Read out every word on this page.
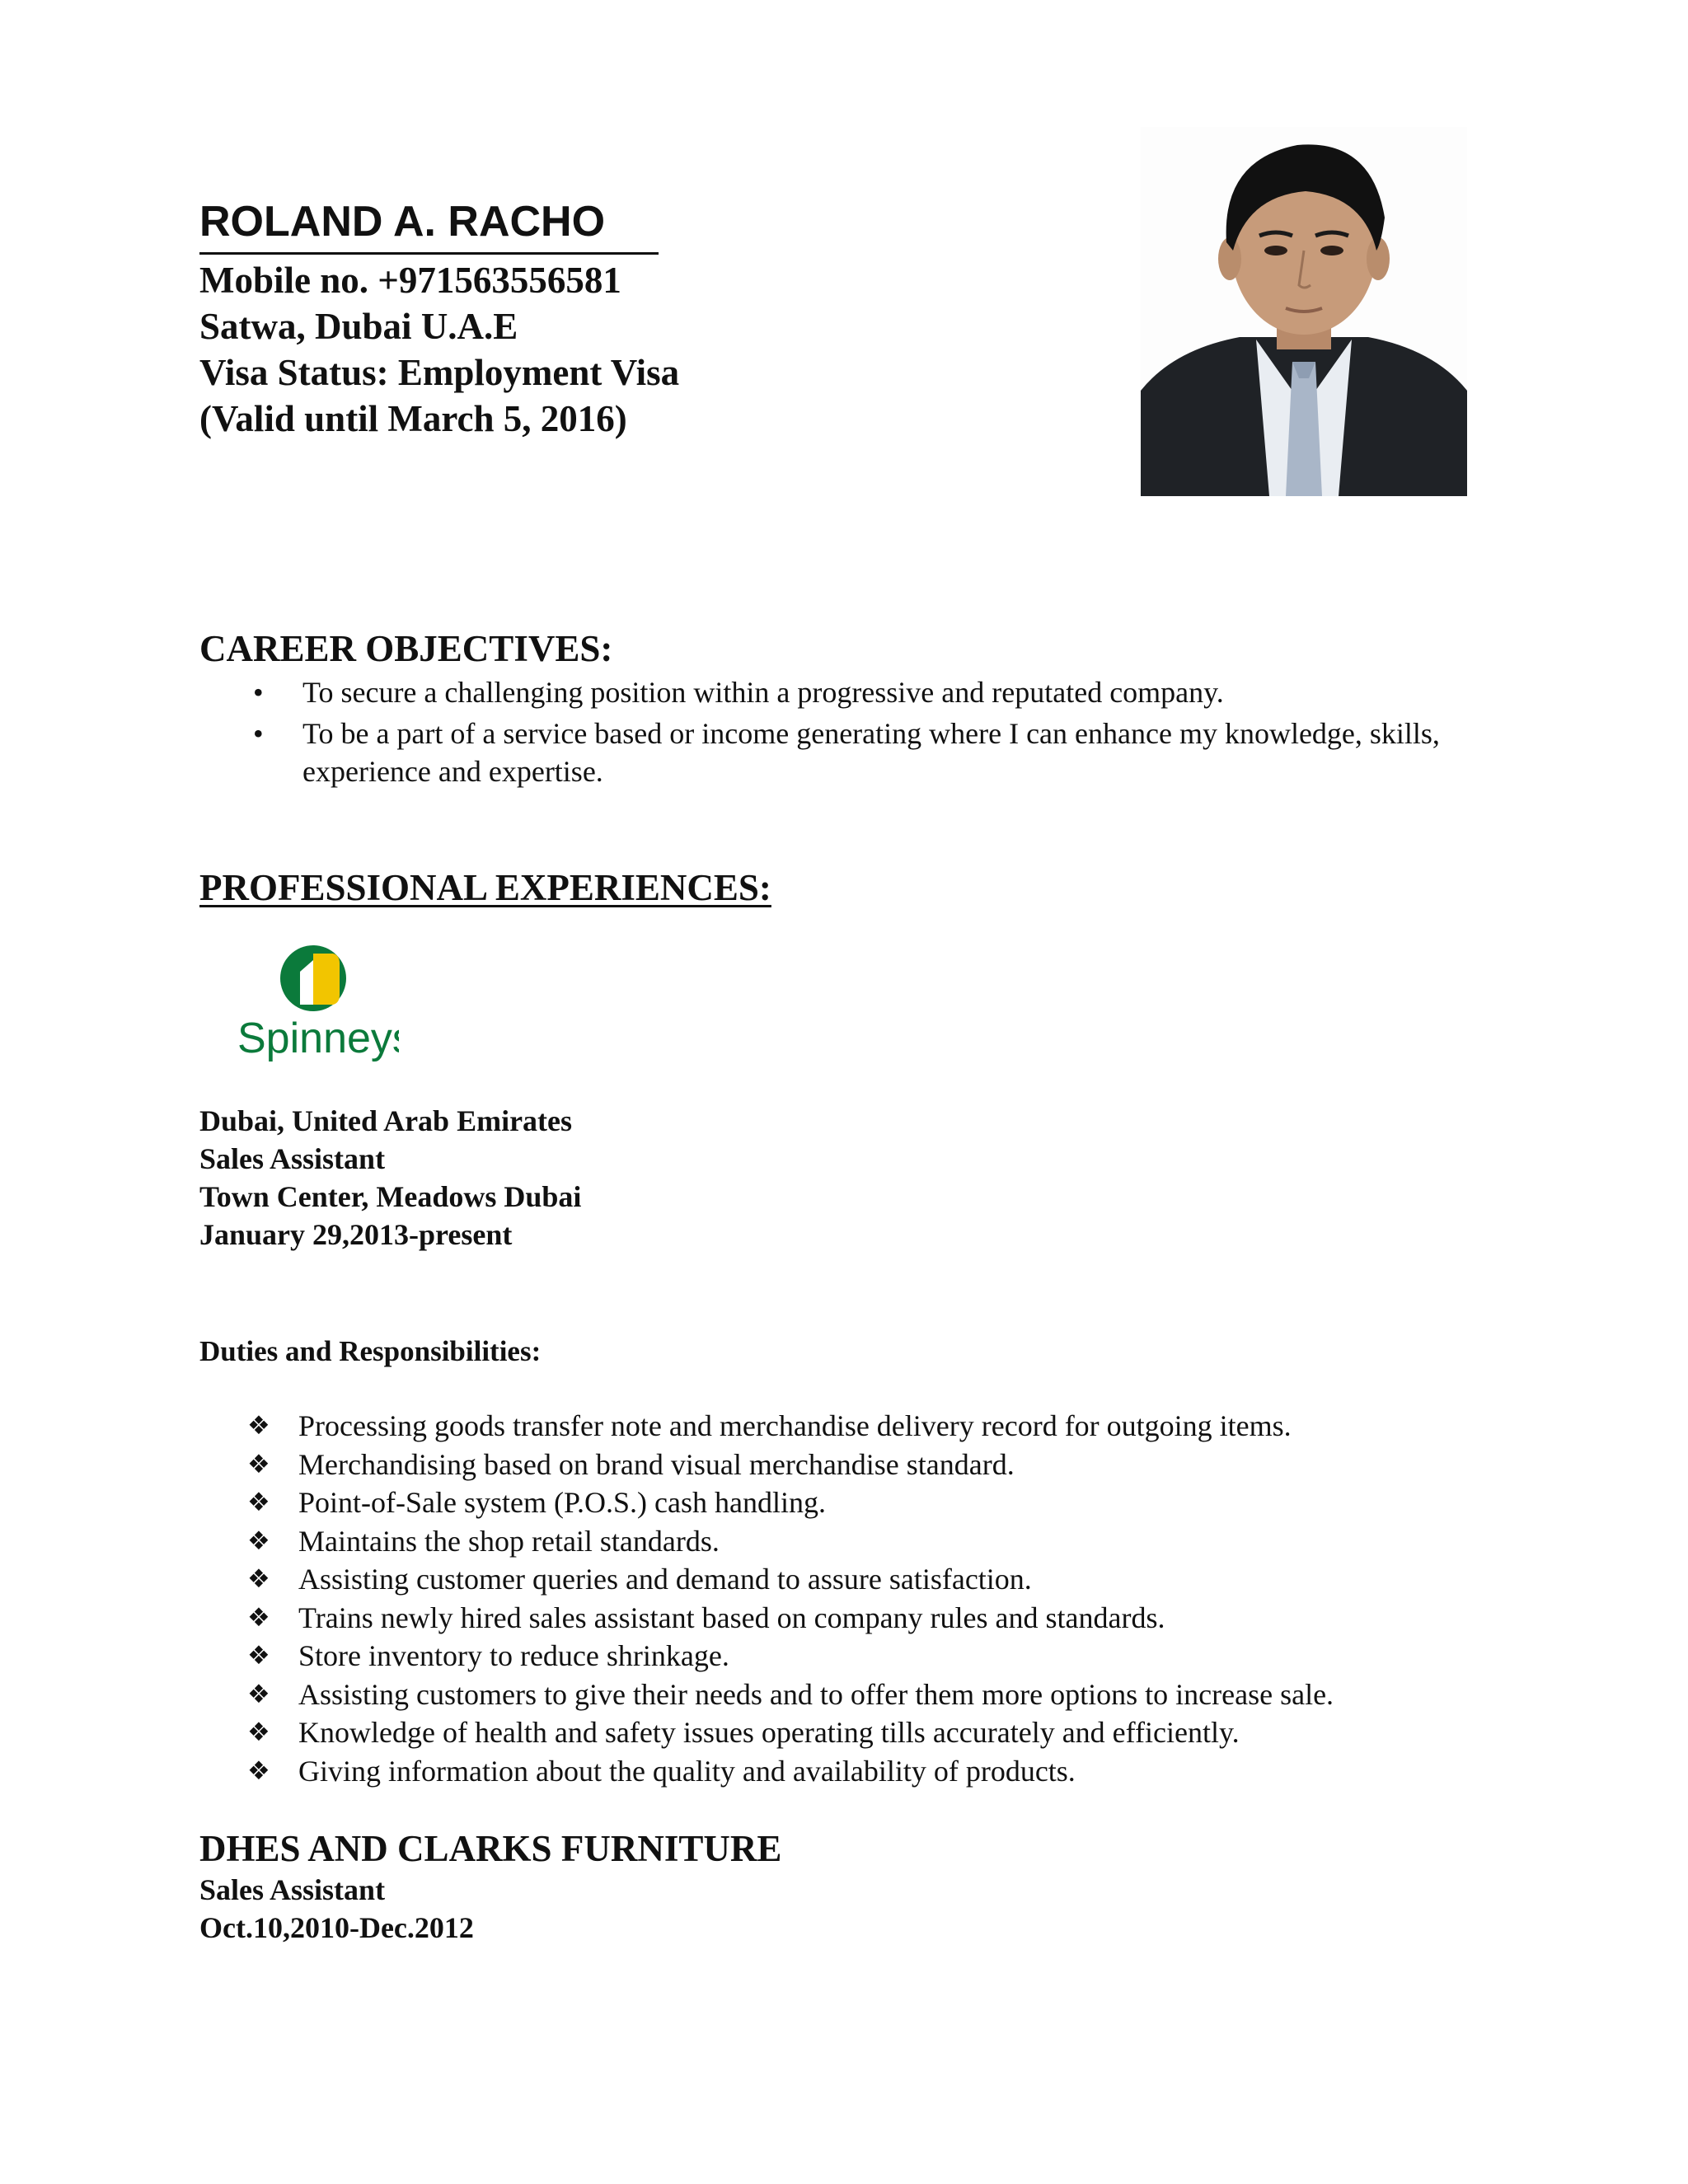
ROLAND A. RACHO
Mobile no. +971563556581
Satwa, Dubai U.A.E
Visa Status: Employment Visa
(Valid until March 5, 2016)
CAREER OBJECTIVES:
• To secure a challenging position within a progressive and reputated company.
• To be a part of a service based or income generating where I can enhance my knowledge, skills, experience and expertise.
PROFESSIONAL EXPERIENCES:
Spinneys
Dubai, United Arab Emirates
Sales Assistant
Town Center, Meadows Dubai
January 29,2013-present
Duties and Responsibilities:
❖ Processing goods transfer note and merchandise delivery record for outgoing items.
❖ Merchandising based on brand visual merchandise standard.
❖ Point-of-Sale system (P.O.S.) cash handling.
❖ Maintains the shop retail standards.
❖ Assisting customer queries and demand to assure satisfaction.
❖ Trains newly hired sales assistant based on company rules and standards.
❖ Store inventory to reduce shrinkage.
❖ Assisting customers to give their needs and to offer them more options to increase sale.
❖ Knowledge of health and safety issues operating tills accurately and efficiently.
❖ Giving information about the quality and availability of products.
DHES AND CLARKS FURNITURE
Sales Assistant
Oct.10,2010-Dec.2012
